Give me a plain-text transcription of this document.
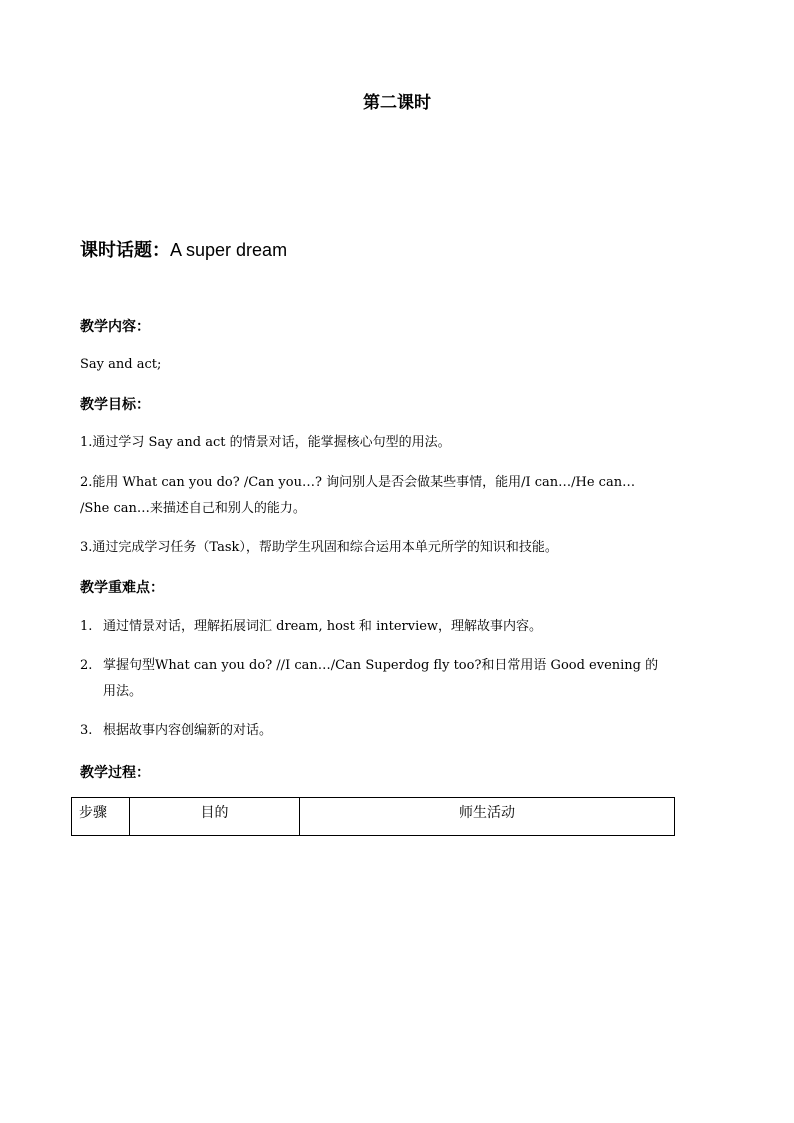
第二课时
课时话题：A super dream
教学内容：
Say and act;
教学目标：
1.通过学习 Say and act 的情景对话，能掌握核心句型的用法。
2.能用 What can you do? /Can you…? 询问别人是否会做某些事情，能用/I can…/He can…
/She can…来描述自己和别人的能力。
3.通过完成学习任务（Task），帮助学生巩固和综合运用本单元所学的知识和技能。
教学重难点：
1. 通过情景对话，理解拓展词汇 dream, host 和 interview，理解故事内容。
2. 掌握句型What can you do? //I can…/Can Superdog fly too?和日常用语 Good evening 的
用法。
3. 根据故事内容创编新的对话。
教学过程：
步骤	目的	师生活动
